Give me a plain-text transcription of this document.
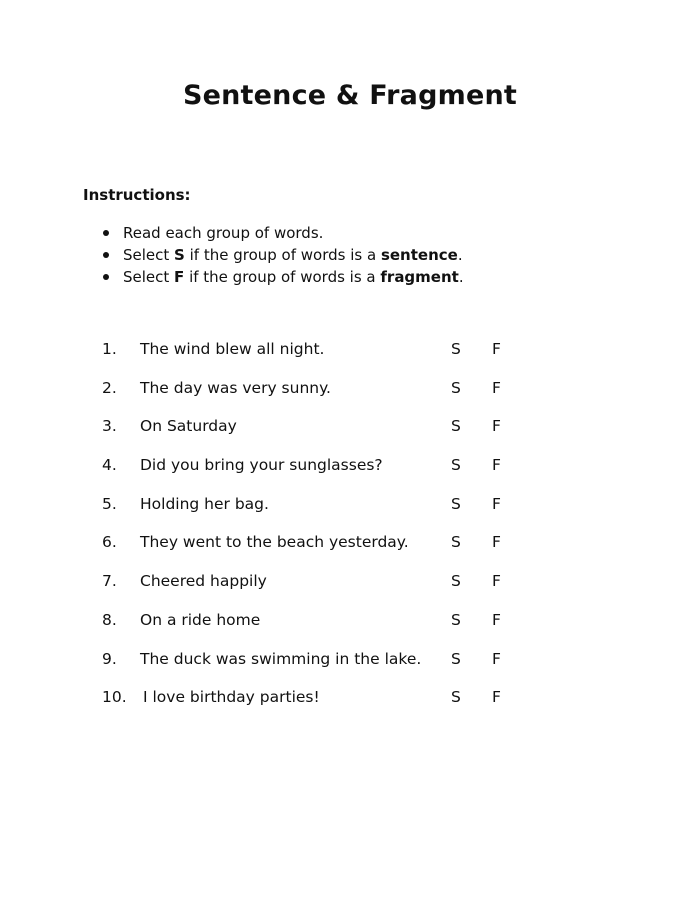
Sentence & Fragment
Instructions:
Read each group of words.
Select S if the group of words is a sentence.
Select F if the group of words is a fragment.
1. The wind blew all night.	S F
2. The day was very sunny.	S F
3. On Saturday	S F
4. Did you bring your sunglasses?	S F
5. Holding her bag.	S F
6. They went to the beach yesterday.	S F
7. Cheered happily	S F
8. On a ride home	S F
9. The duck was swimming in the lake. S F
10. I love birthday parties!	S F
